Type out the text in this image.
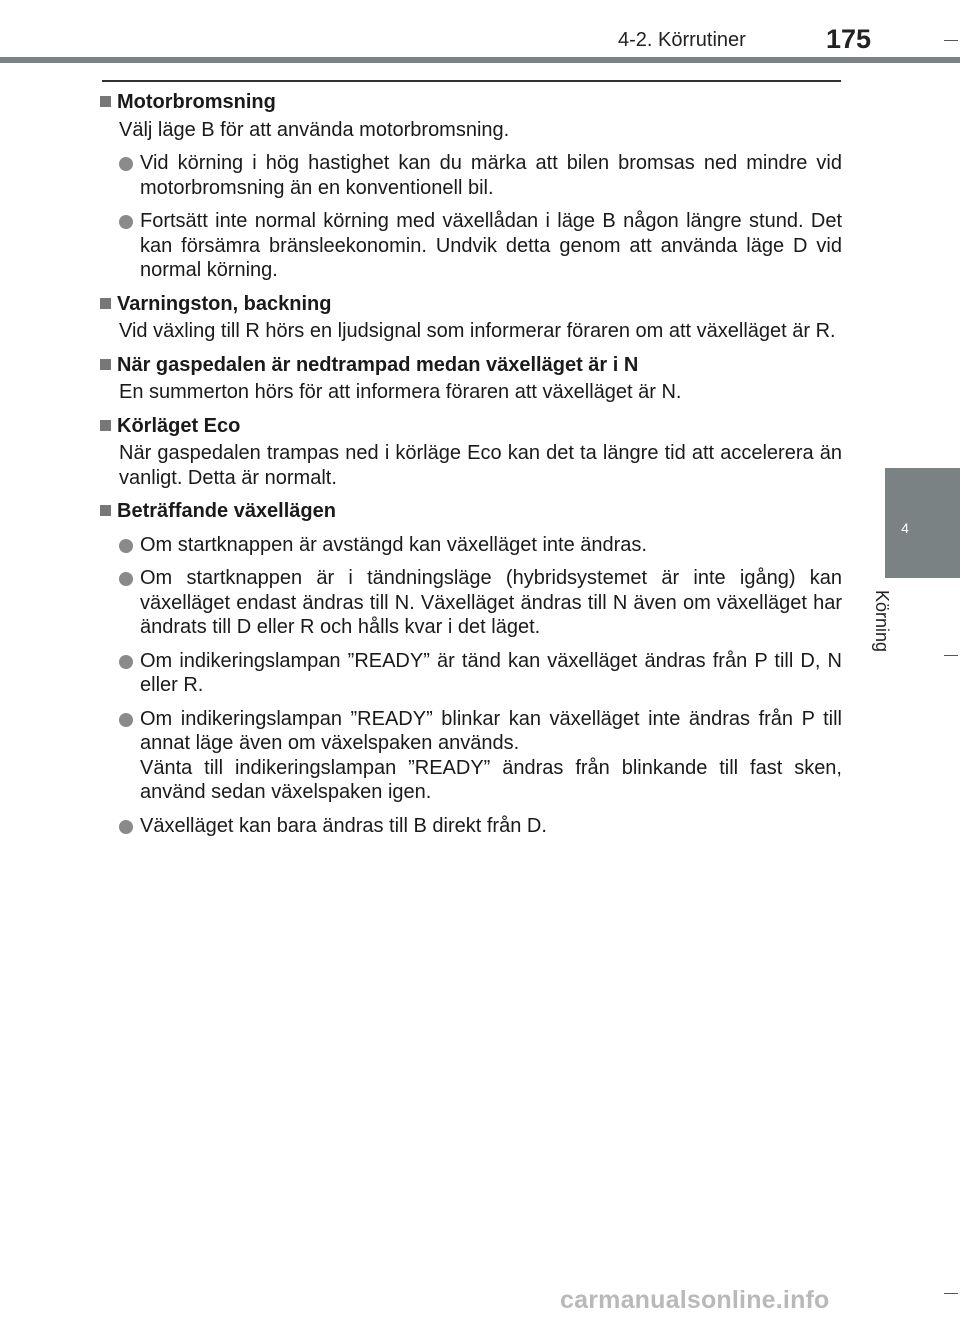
4-2. Körrutiner	175
4
Körning
Motorbromsning
Välj läge B för att använda motorbromsning.
Vid körning i hög hastighet kan du märka att bilen bromsas ned mindre vid motorbromsning än en konventionell bil.
Fortsätt inte normal körning med växellådan i läge B någon längre stund. Det kan försämra bränsleekonomin. Undvik detta genom att använda läge D vid normal körning.
Varningston, backning
Vid växling till R hörs en ljudsignal som informerar föraren om att växelläget är R.
När gaspedalen är nedtrampad medan växelläget är i N
En summerton hörs för att informera föraren att växelläget är N.
Körläget Eco
När gaspedalen trampas ned i körläge Eco kan det ta längre tid att accelerera än vanligt. Detta är normalt.
Beträffande växellägen
Om startknappen är avstängd kan växelläget inte ändras.
Om startknappen är i tändningsläge (hybridsystemet är inte igång) kan växelläget endast ändras till N. Växelläget ändras till N även om växelläget har ändrats till D eller R och hålls kvar i det läget.
Om indikeringslampan ”READY” är tänd kan växelläget ändras från P till D, N eller R.
Om indikeringslampan ”READY” blinkar kan växelläget inte ändras från P till annat läge även om växelspaken används.
Vänta till indikeringslampan ”READY” ändras från blinkande till fast sken, använd sedan växelspaken igen.
Växelläget kan bara ändras till B direkt från D.
carmanualsonline.info
